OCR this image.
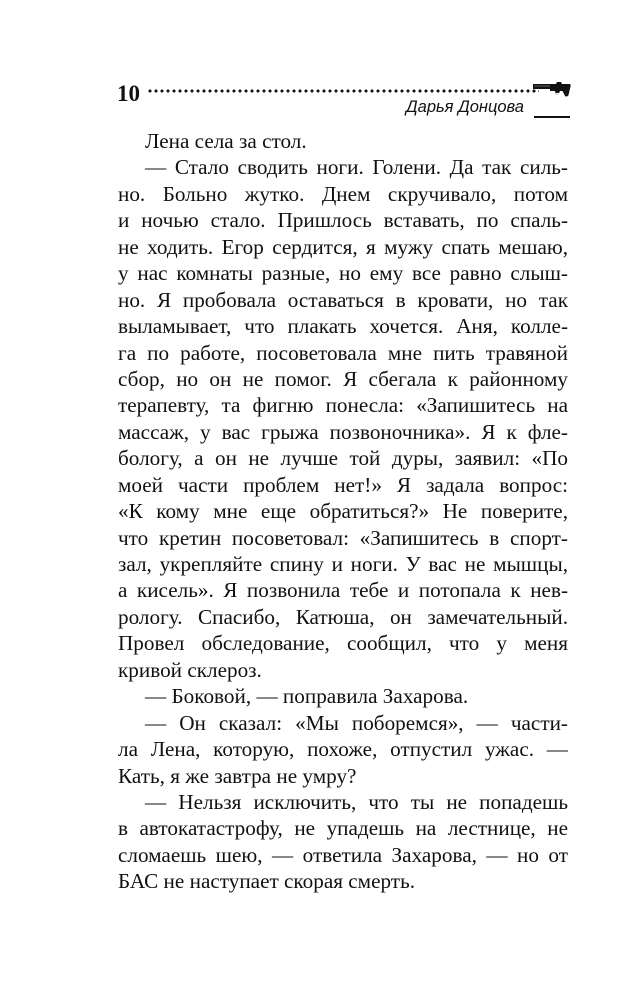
10
Дарья Донцова
Лена села за стол.
— Стало сводить ноги. Голени. Да так силь-
но. Больно жутко. Днем скручивало, потом
и ночью стало. Пришлось вставать, по спаль-
не ходить. Егор сердится, я мужу спать мешаю,
у нас комнаты разные, но ему все равно слыш-
но. Я пробовала оставаться в кровати, но так
выламывает, что плакать хочется. Аня, колле-
га по работе, посоветовала мне пить травяной
сбор, но он не помог. Я сбегала к районному
терапевту, та фигню понесла: «Запишитесь на
массаж, у вас грыжа позвоночника». Я к фле-
бологу, а он не лучше той дуры, заявил: «По
моей части проблем нет!» Я задала вопрос:
«К кому мне еще обратиться?» Не поверите,
что кретин посоветовал: «Запишитесь в спорт-
зал, укрепляйте спину и ноги. У вас не мышцы,
а кисель». Я позвонила тебе и потопала к нев-
рологу. Спасибо, Катюша, он замечательный.
Провел обследование, сообщил, что у меня
кривой склероз.
— Боковой, — поправила Захарова.
— Он сказал: «Мы поборемся», — части-
ла Лена, которую, похоже, отпустил ужас. —
Кать, я же завтра не умру?
— Нельзя исключить, что ты не попадешь
в автокатастрофу, не упадешь на лестнице, не
сломаешь шею, — ответила Захарова, — но от
БАС не наступает скорая смерть.
